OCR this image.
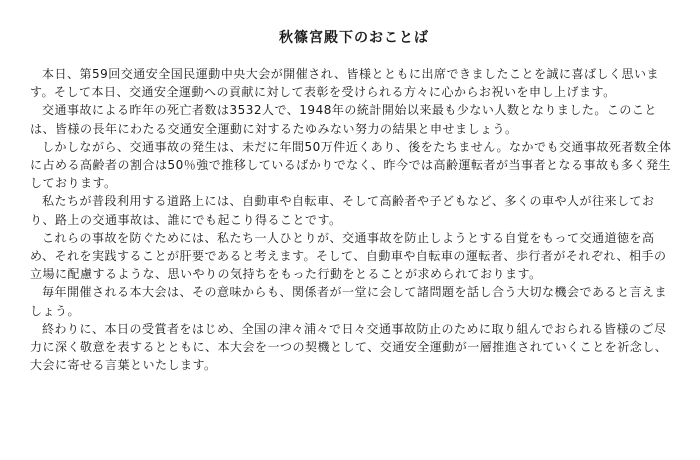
秋篠宮殿下のおことば

本日、第59回交通安全国民運動中央大会が開催され、皆様とともに出席できましたことを誠に喜ばしく思います。そして本日、交通安全運動への貢献に対して表彰を受けられる方々に心からお祝いを申し上げます。

交通事故による昨年の死亡者数は3532人で、1948年の統計開始以来最も少ない人数となりました。このことは、皆様の長年にわたる交通安全運動に対するたゆみない努力の結果と申せましょう。

しかしながら、交通事故の発生は、未だに年間50万件近くあり、後をたちません。なかでも交通事故死者数全体に占める高齢者の割合は50％強で推移しているばかりでなく、昨今では高齢運転者が当事者となる事故も多く発生しております。

私たちが普段利用する道路上には、自動車や自転車、そして高齢者や子どもなど、多くの車や人が往来しており、路上の交通事故は、誰にでも起こり得ることです。

これらの事故を防ぐためには、私たち一人ひとりが、交通事故を防止しようとする自覚をもって交通道徳を高め、それを実践することが肝要であると考えます。そして、自動車や自転車の運転者、歩行者がそれぞれ、相手の立場に配慮するような、思いやりの気持ちをもった行動をとることが求められております。

毎年開催される本大会は、その意味からも、関係者が一堂に会して諸問題を話し合う大切な機会であると言えましょう。

終わりに、本日の受賞者をはじめ、全国の津々浦々で日々交通事故防止のために取り組んでおられる皆様のご尽力に深く敬意を表するとともに、本大会を一つの契機として、交通安全運動が一層推進されていくことを祈念し、大会に寄せる言葉といたします。
